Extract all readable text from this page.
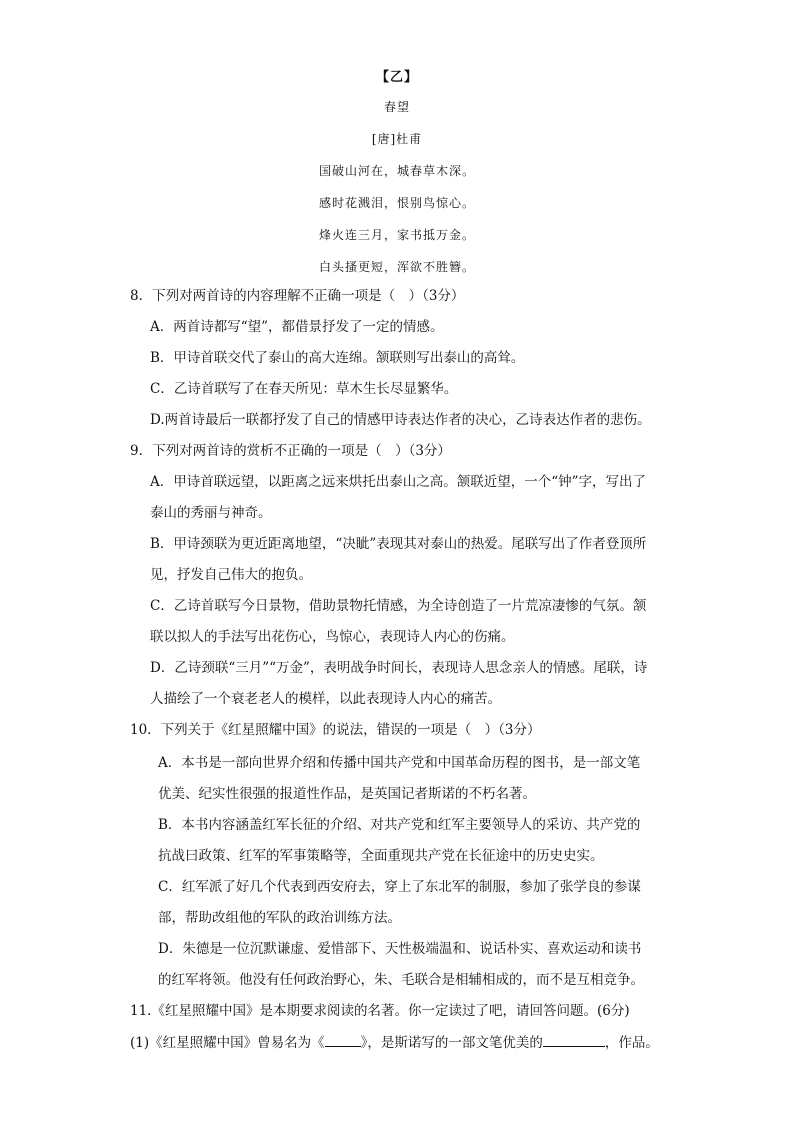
【乙】
春望
[唐]杜甫
国破山河在，城春草木深。
感时花溅泪，恨别鸟惊心。
烽火连三月，家书抵万金。
白头搔更短，浑欲不胜簪。
8．下列对两首诗的内容理解不正确一项是（　）（3分）
A．两首诗都写“望”，都借景抒发了一定的情感。
B．甲诗首联交代了泰山的高大连绵。颔联则写出泰山的高耸。
C．乙诗首联写了在春天所见：草木生长尽显繁华。
D.两首诗最后一联都抒发了自己的情感甲诗表达作者的决心，乙诗表达作者的悲伤。
9．下列对两首诗的赏析不正确的一项是（　）（3分）
A．甲诗首联远望，以距离之远来烘托出泰山之高。颔联近望，一个“钟”字，写出了
泰山的秀丽与神奇。
B．甲诗颈联为更近距离地望，“决眦”表现其对泰山的热爱。尾联写出了作者登顶所
见，抒发自己伟大的抱负。
C．乙诗首联写今日景物，借助景物托情感，为全诗创造了一片荒凉凄惨的气氛。颔
联以拟人的手法写出花伤心，鸟惊心，表现诗人内心的伤痛。
D．乙诗颈联“三月”“万金”，表明战争时间长，表现诗人思念亲人的情感。尾联，诗
人描绘了一个衰老老人的模样，以此表现诗人内心的痛苦。
10．下列关于《红星照耀中国》的说法，错误的一项是（　）（3分）
A．本书是一部向世界介绍和传播中国共产党和中国革命历程的图书，是一部文笔
优美、纪实性很强的报道性作品，是英国记者斯诺的不朽名著。
B．本书内容涵盖红军长征的介绍、对共产党和红军主要领导人的采访、共产党的
抗战曰政策、红军的军事策略等，全面重现共产党在长征途中的历史史实。
C．红军派了好几个代表到西安府去，穿上了东北军的制服，参加了张学良的参谋
部，帮助改组他的军队的政治训练方法。
D．朱德是一位沉默谦虚、爱惜部下、天性极端温和、说话朴实、喜欢运动和读书
的红军将领。他没有任何政治野心，朱、毛联合是相辅相成的，而不是互相竞争。
11.《红星照耀中国》是本期要求阅读的名著。你一定读过了吧，请回答问题。(6分)
(1)《红星照耀中国》曾易名为《	》，是斯诺写的一部文笔优美的	，作品。
